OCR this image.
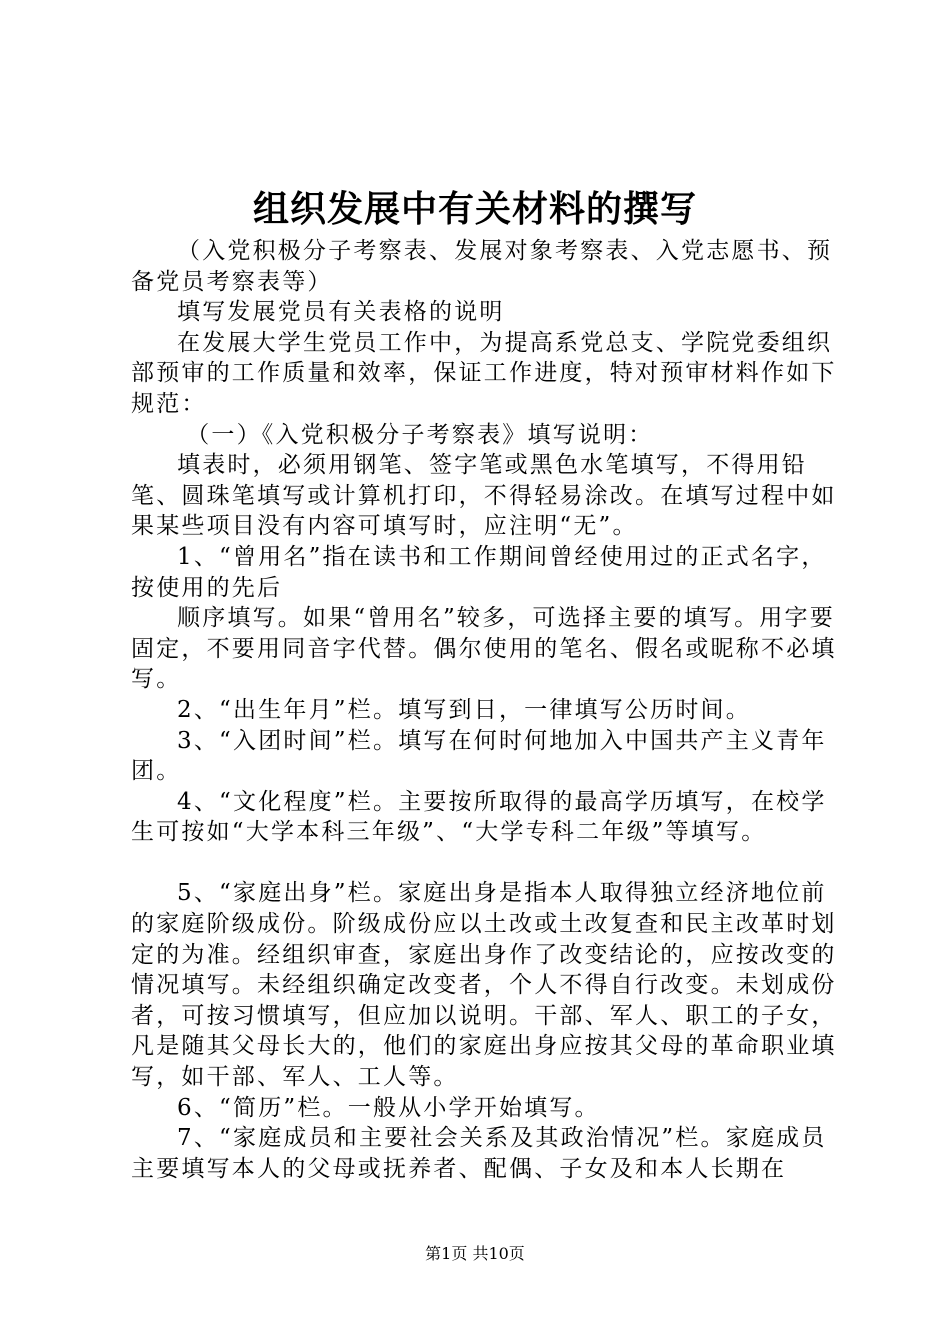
组织发展中有关材料的撰写

（入党积极分子考察表、发展对象考察表、入党志愿书、预备党员考察表等）

填写发展党员有关表格的说明

在发展大学生党员工作中，为提高系党总支、学院党委组织部预审的工作质量和效率，保证工作进度，特对预审材料作如下规范：

（一）《入党积极分子考察表》填写说明：

填表时，必须用钢笔、签字笔或黑色水笔填写，不得用铅笔、圆珠笔填写或计算机打印，不得轻易涂改。在填写过程中如果某些项目没有内容可填写时，应注明“无”。

1、“曾用名”指在读书和工作期间曾经使用过的正式名字，按使用的先后

顺序填写。如果“曾用名”较多，可选择主要的填写。用字要固定，不要用同音字代替。偶尔使用的笔名、假名或昵称不必填写。

2、“出生年月”栏。填写到日，一律填写公历时间。

3、“入团时间”栏。填写在何时何地加入中国共产主义青年团。

4、“文化程度”栏。主要按所取得的最高学历填写，在校学生可按如“大学本科三年级”、“大学专科二年级”等填写。

5、“家庭出身”栏。家庭出身是指本人取得独立经济地位前的家庭阶级成份。阶级成份应以土改或土改复查和民主改革时划定的为准。经组织审查，家庭出身作了改变结论的，应按改变的情况填写。未经组织确定改变者，个人不得自行改变。未划成份者，可按习惯填写，但应加以说明。干部、军人、职工的子女，凡是随其父母长大的，他们的家庭出身应按其父母的革命职业填写，如干部、军人、工人等。

6、“简历”栏。一般从小学开始填写。

7、“家庭成员和主要社会关系及其政治情况”栏。家庭成员主要填写本人的父母或抚养者、配偶、子女及和本人长期在

第1页 共10页
